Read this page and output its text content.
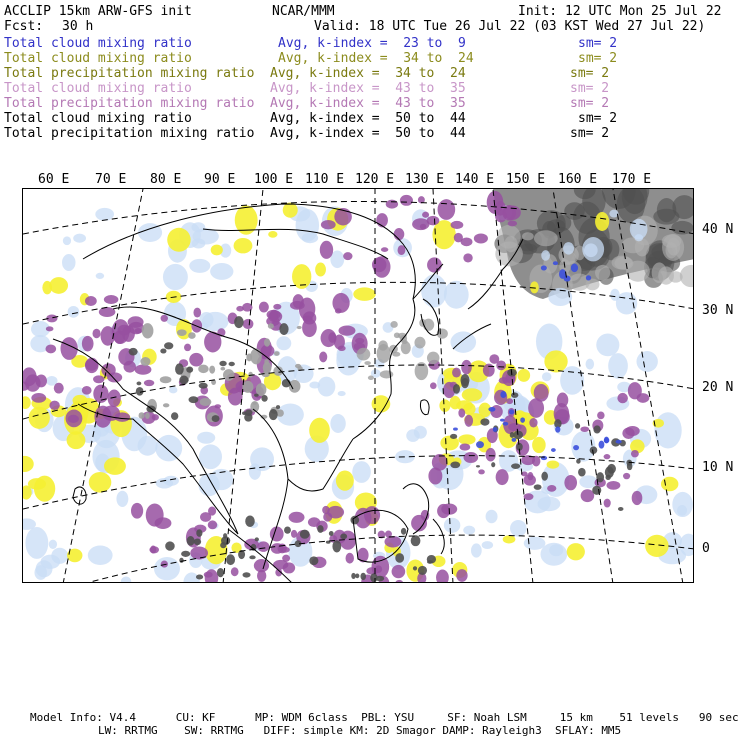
ACCLIP 15km ARW-GFS init	NCAR/MMM	Init: 12 UTC Mon 25 Jul 22
Fcst: 30 h	Valid: 18 UTC Tue 26 Jul 22 (03 KST Wed 27 Jul 22)
Total cloud mixing ratio	Avg, k-index =  23 to  9	sm= 2
Total cloud mixing ratio	Avg, k-index =  34 to  24	sm= 2
Total precipitation mixing ratio Avg, k-index =  34 to  24	sm= 2
Total cloud mixing ratio	Avg, k-index =  43 to  35	sm= 2
Total precipitation mixing ratio Avg, k-index =  43 to  35	sm= 2
Total cloud mixing ratio	Avg, k-index =  50 to  44	sm= 2
Total precipitation mixing ratio Avg, k-index =  50 to  44	sm= 2
60 E 70 E 80 E 90 E 100 E 110 E 120 E 130 E 140 E 150 E 160 E 170 E
40 N
30 N
20 N
10 N
0
Model Info: V4.4      CU: KF      MP: WDM 6class  PBL: YSU     SF: Noah LSM     15 km    51 levels   90 sec
LW: RRTMG    SW: RRTMG   DIFF: simple KM: 2D Smagor DAMP: Rayleigh3  SFLAY: MM5
